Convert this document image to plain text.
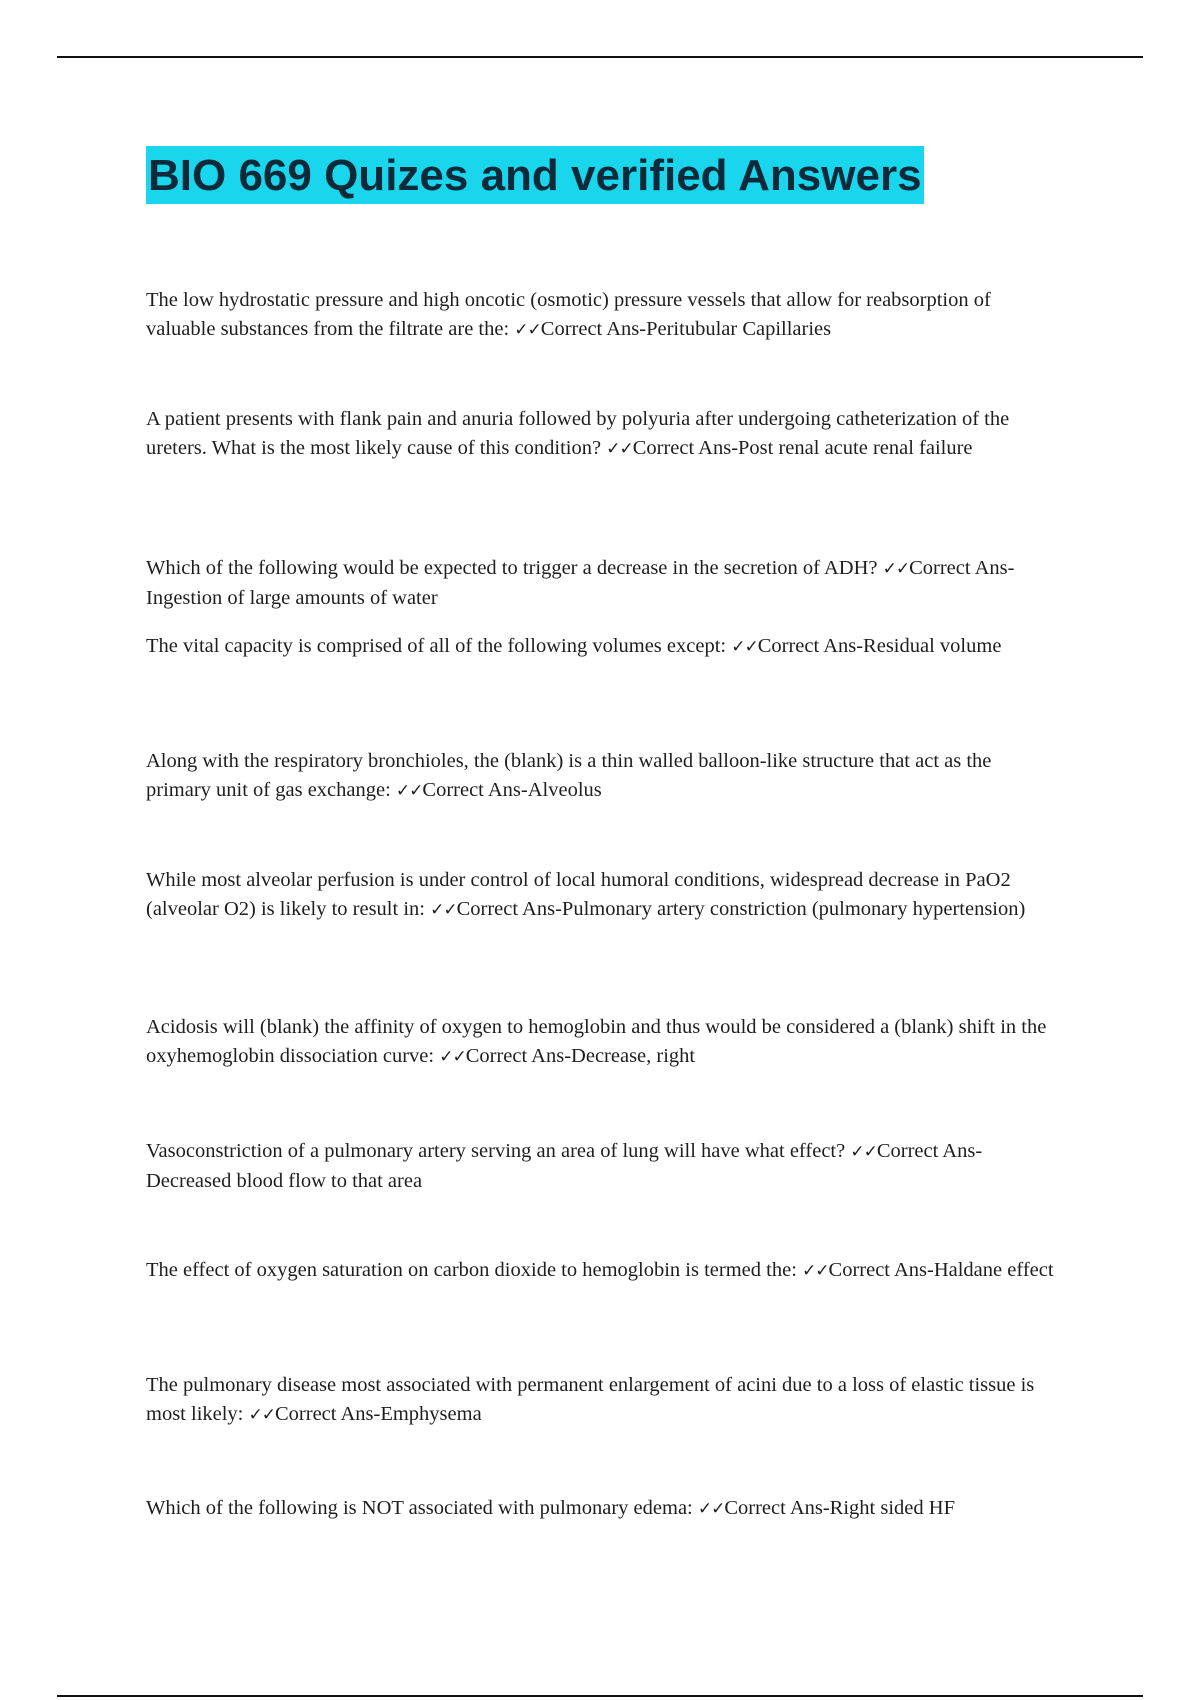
BIO 669 Quizes and verified Answers

The low hydrostatic pressure and high oncotic (osmotic) pressure vessels that allow for reabsorption of valuable substances from the filtrate are the: ✓✓Correct Ans-Peritubular Capillaries

A patient presents with flank pain and anuria followed by polyuria after undergoing catheterization of the ureters. What is the most likely cause of this condition? ✓✓Correct Ans-Post renal acute renal failure

Which of the following would be expected to trigger a decrease in the secretion of ADH? ✓✓Correct Ans-Ingestion of large amounts of water

The vital capacity is comprised of all of the following volumes except: ✓✓Correct Ans-Residual volume

Along with the respiratory bronchioles, the (blank) is a thin walled balloon-like structure that act as the primary unit of gas exchange: ✓✓Correct Ans-Alveolus

While most alveolar perfusion is under control of local humoral conditions, widespread decrease in PaO2 (alveolar O2) is likely to result in: ✓✓Correct Ans-Pulmonary artery constriction (pulmonary hypertension)

Acidosis will (blank) the affinity of oxygen to hemoglobin and thus would be considered a (blank) shift in the oxyhemoglobin dissociation curve: ✓✓Correct Ans-Decrease, right

Vasoconstriction of a pulmonary artery serving an area of lung will have what effect? ✓✓Correct Ans-Decreased blood flow to that area

The effect of oxygen saturation on carbon dioxide to hemoglobin is termed the: ✓✓Correct Ans-Haldane effect

The pulmonary disease most associated with permanent enlargement of acini due to a loss of elastic tissue is most likely: ✓✓Correct Ans-Emphysema

Which of the following is NOT associated with pulmonary edema: ✓✓Correct Ans-Right sided HF
